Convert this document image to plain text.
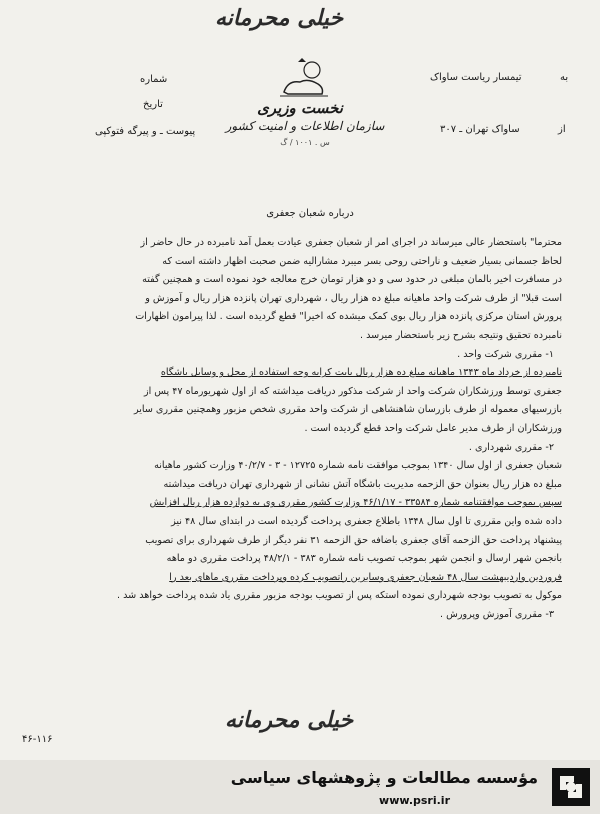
خیلی محرمانه
نخست وزیری
سازمان اطلاعات و امنیت کشور
س . ۱۰۰۱ / گ
شماره
تاریخ
پیوست ـ و پیرگه فتوکپی
به
تیمسار ریاست ساواک
از
ساواک تهران ـ ۳۰۷
درباره شعبان جعفری

محترما" باستحضار عالی میرساند در اجرای امر از شعبان جعفری عیادت بعمل آمد نامبرده در حال حاضر از

لحاظ جسمانی بسیار ضعیف و ناراحتی روحی بسر میبرد مشارالیه ضمن صحبت اظهار داشته است که

در مسافرت اخیر بالمان مبلغی در حدود سی و دو هزار تومان خرج معالجه خود نموده است و همچنین گفته

است قبلا" از طرف شرکت واحد ماهیانه مبلغ ده هزار ریال ، شهرداری تهران پانزده هزار ریال و آموزش و

پرورش استان مرکزی پانزده هزار ریال بوی کمک میشده که اخیرا" قطع گردیده است . لذا پیرامون اظهارات

نامبرده تحقیق ونتیجه بشرح زیر باستحضار میرسد .

۱- مقرری شرکت واحد .

نامبرده از خرداد ماه ۱۳۴۳ ماهیانه مبلغ ده هزار ریال بابت کرایه وجه استفاده از محل و وسایل باشگاه

جعفری توسط ورزشکاران شرکت واحد از شرکت مذکور دریافت میداشته که از اول شهریورماه ۴۷ پس از

بازرسیهای معموله از طرف بازرسان شاهنشاهی از شرکت واحد مقرری شخص مزبور وهمچنین مقرری سایر

ورزشکاران از طرف مدیر عامل شرکت واحد قطع گردیده است .

۲- مقرری شهرداری .

شعبان جعفری از اول سال ۱۳۴۰ بموجب موافقت نامه شماره ۱۲۷۲۵ - ۳ - ۴۰/۲/۷ وزارت کشور ماهیانه

مبلغ ده هزار ریال بعنوان حق الزحمه مدیریت باشگاه آتش نشانی از شهرداری تهران دریافت میداشته

سپس بموجب موافقتنامه شماره ۳۳۵۸۴ - ۴۶/۱/۱۷ وزارت کشور مقرری وی به دوازده هزار ریال افزایش

داده شده واین مقرری تا اول سال ۱۳۴۸ باطلاع جعفری پرداخت گردیده است در ابتدای سال ۴۸ نیز

پیشنهاد پرداخت حق الزحمه آقای جعفری باضافه حق الزحمه ۳۱ نفر دیگر از طرف شهرداری برای تصویب

بانجمن شهر ارسال و انجمن شهر بموجب تصویب نامه شماره ۳۸۳ - ۴۸/۲/۱ پرداخت مقرری دو ماهه

فروردین واردیبهشت سال ۴۸ شعبان جعفری وسایرین راتصویب کرده وپرداخت مقرری ماهای بعد را

موکول به تصویب بودجه شهرداری نموده استکه پس از تصویب بودجه مزبور مقرری یاد شده پرداخت خواهد شد .

۳- مقرری آموزش وپرورش .

خیلی محرمانه
۴۶-۱۱۶
مؤسسه مطالعات و پژوهشهای سیاسی
www.psri.ir
